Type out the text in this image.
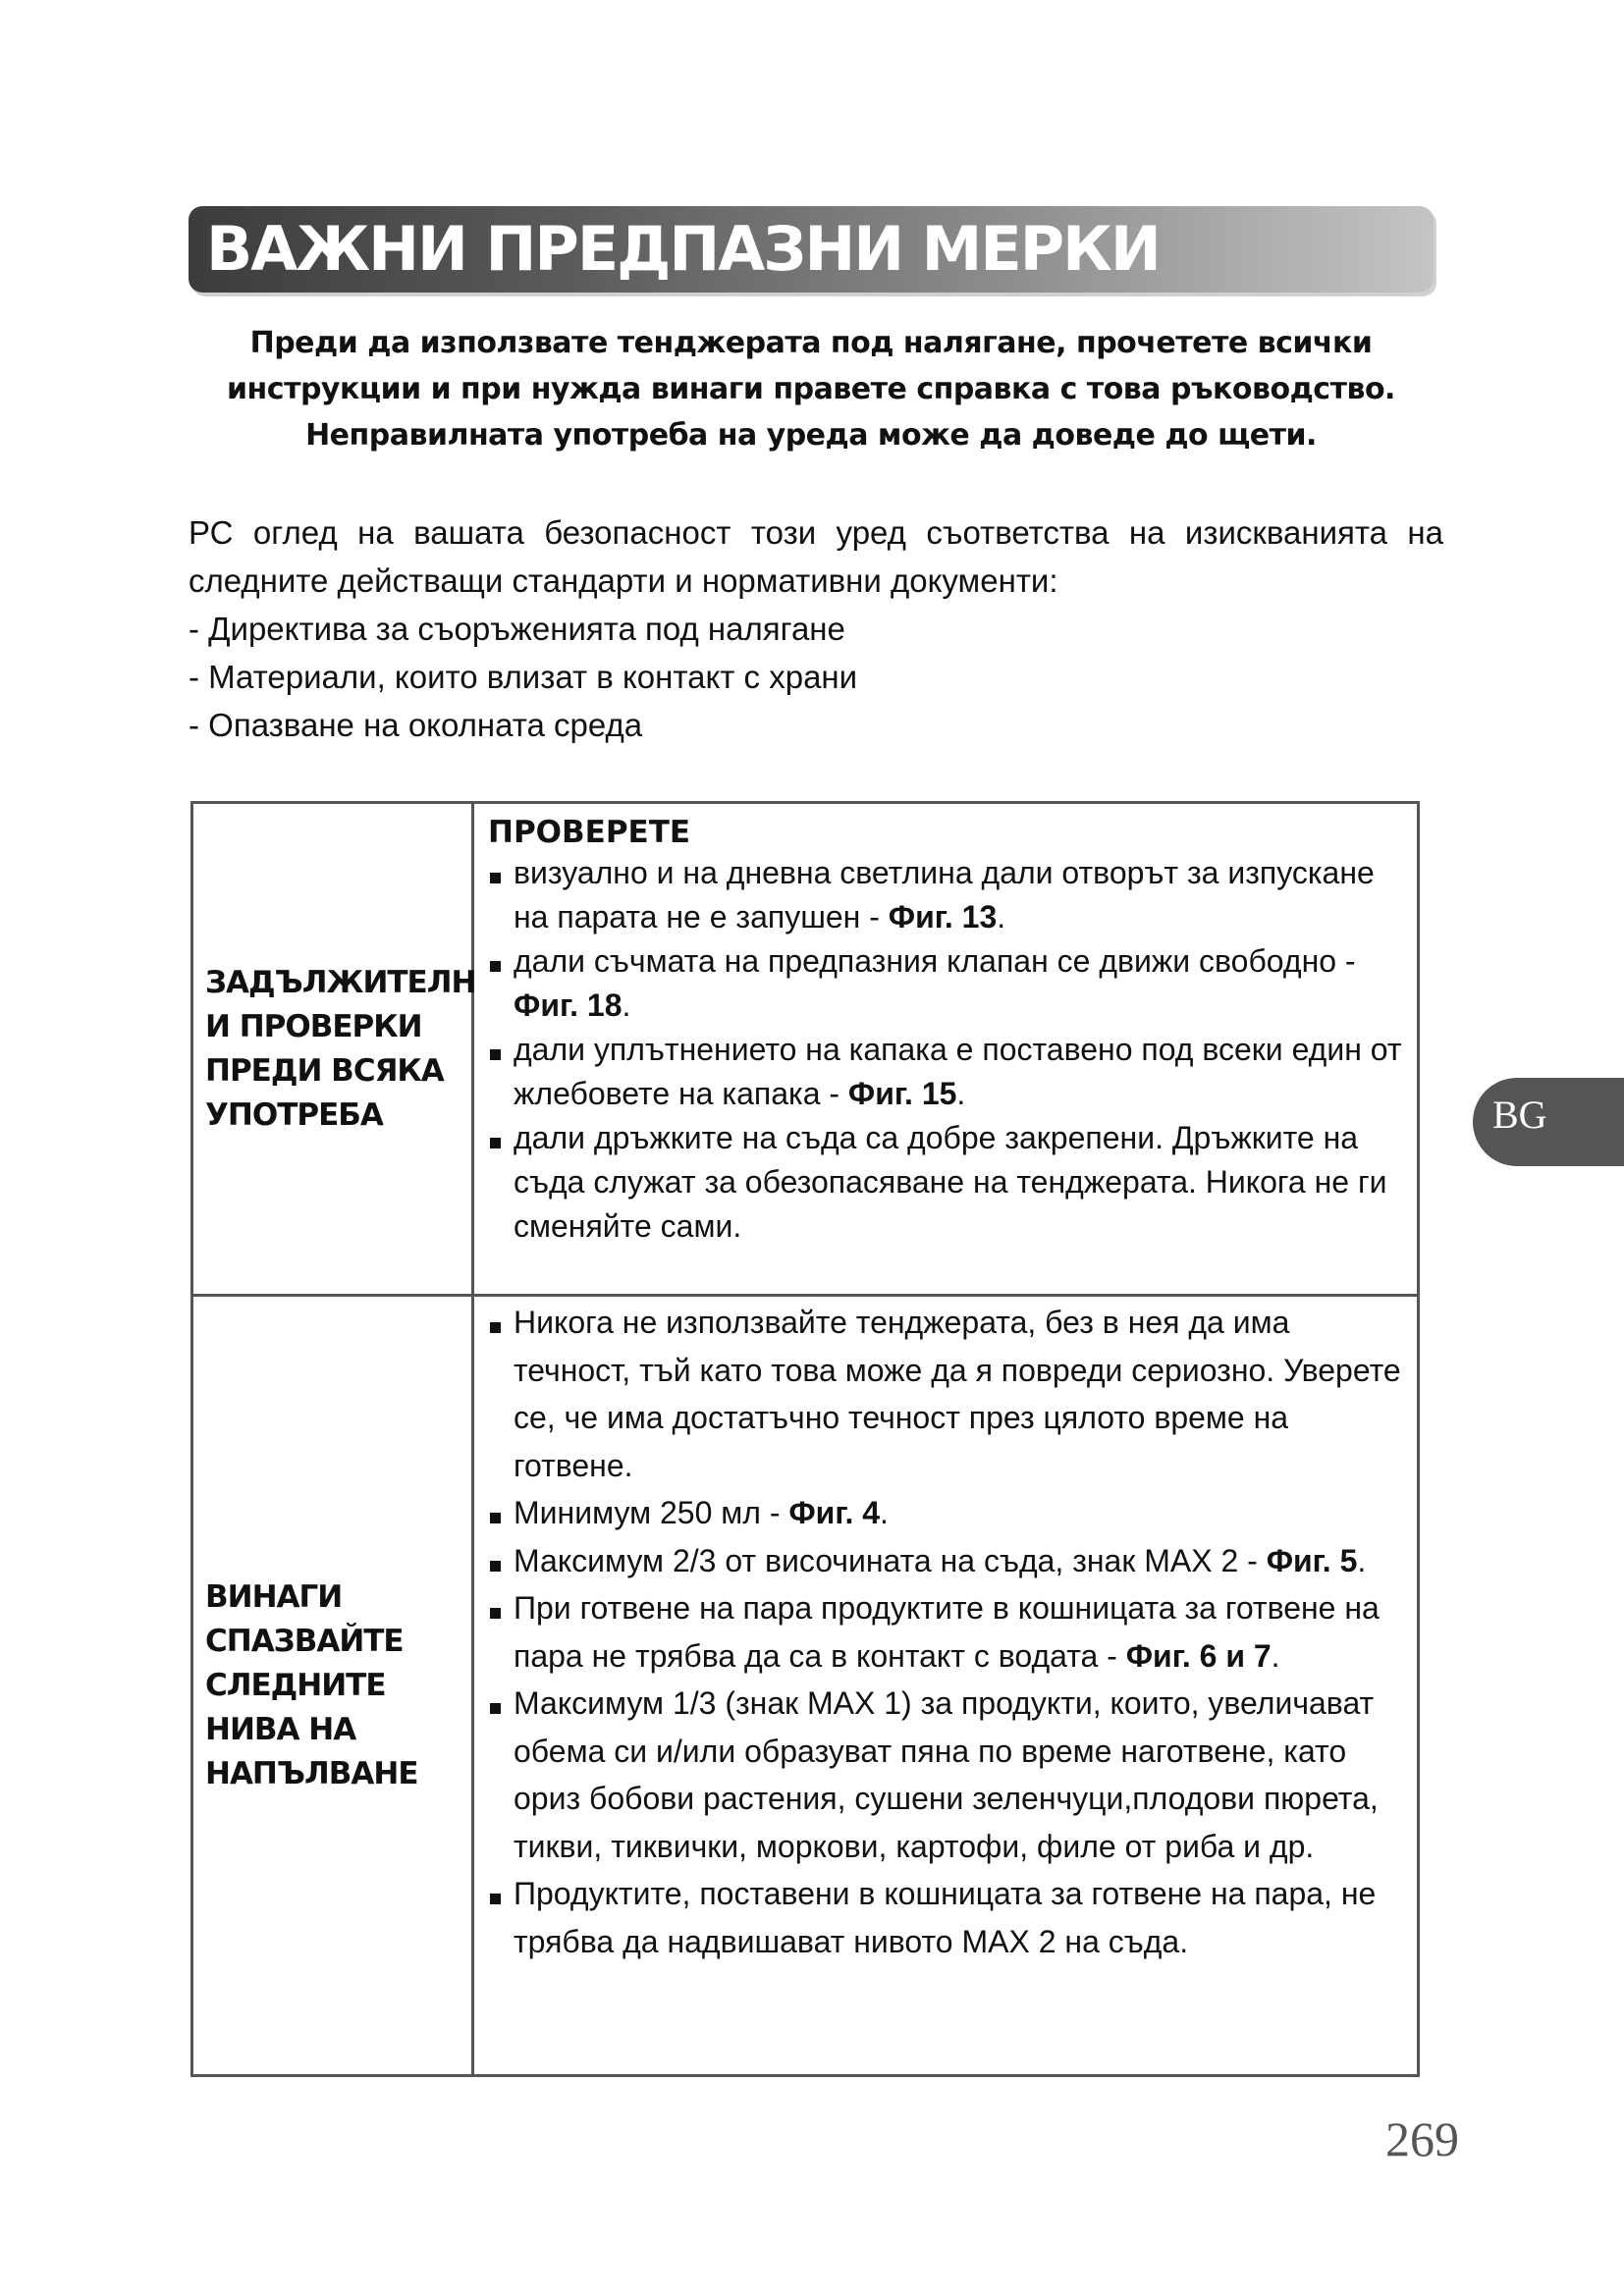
ВАЖНИ ПРЕДПАЗНИ МЕРКИ

Преди да използвате тенджерата под налягане, прочетете всички

инструкции и при нужда винаги правете справка с това ръководство.

Неправилната употреба на уреда може да доведе до щети.

РС оглед на вашата безопасност този уред съответства на изискванията на

следните действащи стандарти и нормативни документи:

- Директива за съоръженията под налягане

- Материали, които влизат в контакт с храни

- Опазване на околната среда

ЗАДЪЛЖИТЕЛН
И ПРОВЕРКИ
ПРЕДИ ВСЯКА
УПОТРЕБА
ПРОВЕРЕТЕ
визуално и на дневна светлина дали отворът за изпускане на парата не е запушен - Фиг. 13.
дали съчмата на предпазния клапан се движи свободно - Фиг. 18.
дали уплътнението на капака е поставено под всеки един от жлебовете на капака - Фиг. 15.
дали дръжките на съда са добре закрепени. Дръжките на съда служат за обезопасяване на тенджерата. Никога не ги сменяйте сами.
ВИНАГИ
СПАЗВАЙТЕ
СЛЕДНИТЕ
НИВА НА
НАПЪЛВАНЕ
Никога не използвайте тенджерата, без в нея да има течност, тъй като това може да я повреди сериозно. Уверете се, че има достатъчно течност през цялото време на готвене.
Минимум 250 мл - Фиг. 4.
Максимум 2/3 от височината на съда, знак MAX 2 - Фиг. 5.
При готвене на пара продуктите в кошницата за готвене на пара не трябва да са в контакт с водата - Фиг. 6 и 7.
Максимум 1/3 (знак MAX 1) за продукти, които, увеличават обема си и/или образуват пяна по време наготвене, като ориз бобови растения, сушени зеленчуци,плодови пюрета, тикви, тиквички, моркови, картофи, филе от риба и др.
Продуктите, поставени в кошницата за готвене на пара, не трябва да надвишават нивото MAX 2 на съда.
BG
269
